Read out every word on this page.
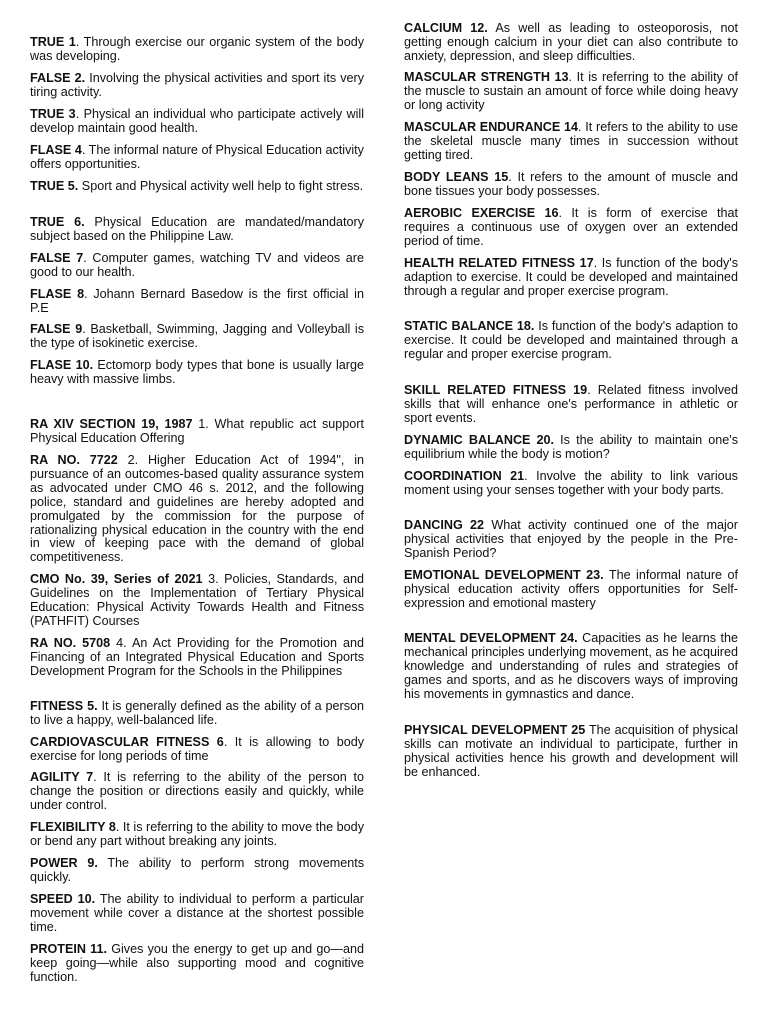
TRUE 1. Through exercise our organic system of the body was developing.

FALSE 2. Involving the physical activities and sport its very tiring activity.

TRUE 3. Physical an individual who participate actively will develop maintain good health.

FLASE 4. The informal nature of Physical Education activity offers opportunities.

TRUE 5. Sport and Physical activity well help to fight stress.

TRUE 6. Physical Education are mandated/mandatory subject based on the Philippine Law.

FALSE 7. Computer games, watching TV and videos are good to our health.

FLASE 8. Johann Bernard Basedow is the first official in P.E

FALSE 9. Basketball, Swimming, Jagging and Volleyball is the type of isokinetic exercise.

FLASE 10. Ectomorp body types that bone is usually large heavy with massive limbs.

RA XIV SECTION 19, 1987 1. What republic act support Physical Education Offering

RA NO. 7722 2. Higher Education Act of 1994", in pursuance of an outcomes-based quality assurance system as advocated under CMO 46 s. 2012, and the following police, standard and guidelines are hereby adopted and promulgated by the commission for the purpose of rationalizing physical education in the country with the end in view of keeping pace with the demand of global competitiveness.

CMO No. 39, Series of 2021 3. Policies, Standards, and Guidelines on the Implementation of Tertiary Physical Education: Physical Activity Towards Health and Fitness (PATHFIT) Courses

RA NO. 5708 4. An Act Providing for the Promotion and Financing of an Integrated Physical Education and Sports Development Program for the Schools in the Philippines

FITNESS 5. It is generally defined as the ability of a person to live a happy, well-balanced life.

CARDIOVASCULAR FITNESS 6. It is allowing to body exercise for long periods of time

AGILITY 7. It is referring to the ability of the person to change the position or directions easily and quickly, while under control.

FLEXIBILITY 8. It is referring to the ability to move the body or bend any part without breaking any joints.

POWER 9. The ability to perform strong movements quickly.

SPEED 10. The ability to individual to perform a particular movement while cover a distance at the shortest possible time.

PROTEIN 11. Gives you the energy to get up and go—and keep going—while also supporting mood and cognitive function.

CALCIUM 12. As well as leading to osteoporosis, not getting enough calcium in your diet can also contribute to anxiety, depression, and sleep difficulties.

MASCULAR STRENGTH 13. It is referring to the ability of the muscle to sustain an amount of force while doing heavy or long activity

MASCULAR ENDURANCE 14. It refers to the ability to use the skeletal muscle many times in succession without getting tired.

BODY LEANS 15. It refers to the amount of muscle and bone tissues your body possesses.

AEROBIC EXERCISE 16. It is form of exercise that requires a continuous use of oxygen over an extended period of time.

HEALTH RELATED FITNESS 17. Is function of the body's adaption to exercise. It could be developed and maintained through a regular and proper exercise program.

STATIC BALANCE 18. Is function of the body's adaption to exercise. It could be developed and maintained through a regular and proper exercise program.

SKILL RELATED FITNESS 19. Related fitness involved skills that will enhance one's performance in athletic or sport events.

DYNAMIC BALANCE 20. Is the ability to maintain one's equilibrium while the body is motion?

COORDINATION 21. Involve the ability to link various moment using your senses together with your body parts.

DANCING 22 What activity continued one of the major physical activities that enjoyed by the people in the Pre-Spanish Period?

EMOTIONAL DEVELOPMENT 23. The informal nature of physical education activity offers opportunities for Self-expression and emotional mastery

MENTAL DEVELOPMENT 24. Capacities as he learns the mechanical principles underlying movement, as he acquired knowledge and understanding of rules and strategies of games and sports, and as he discovers ways of improving his movements in gymnastics and dance.

PHYSICAL DEVELOPMENT 25 The acquisition of physical skills can motivate an individual to participate, further in physical activities hence his growth and development will be enhanced.
